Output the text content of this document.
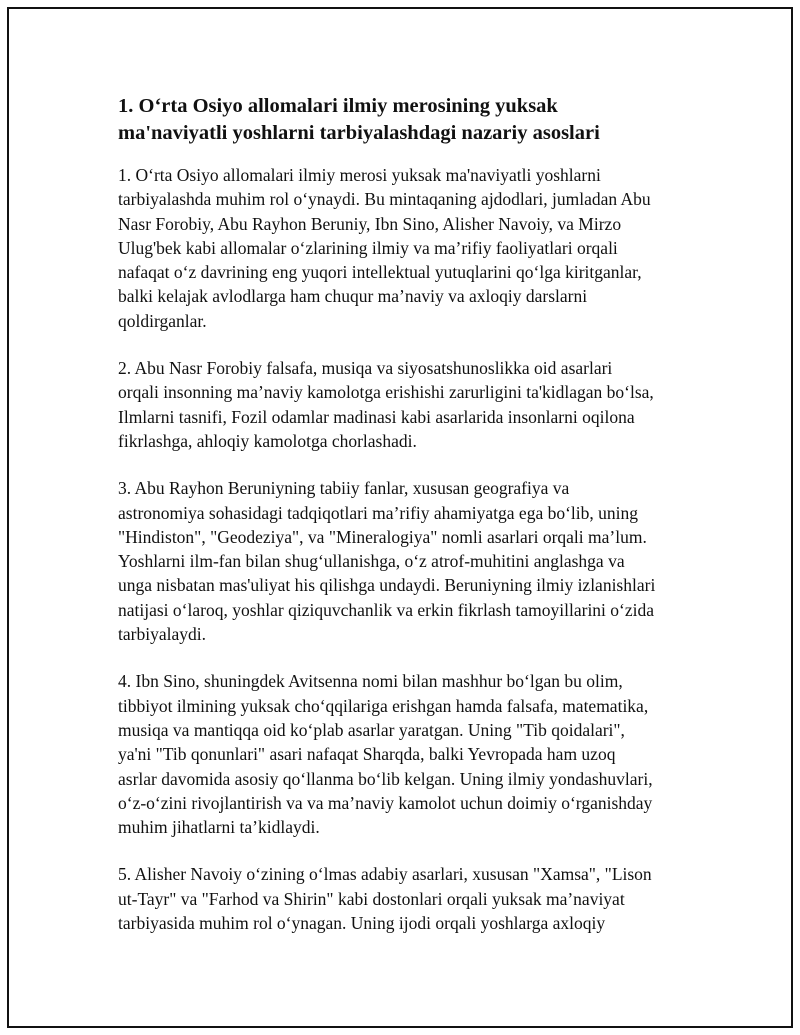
1. O‘rta Osiyo allomalari ilmiy merosining yuksak
ma'naviyatli yoshlarni tarbiyalashdagi nazariy asoslari

1. O‘rta Osiyo allomalari ilmiy merosi yuksak ma'naviyatli yoshlarni
tarbiyalashda muhim rol o‘ynaydi. Bu mintaqaning ajdodlari, jumladan Abu
Nasr Forobiy, Abu Rayhon Beruniy, Ibn Sino, Alisher Navoiy, va Mirzo
Ulug'bek kabi allomalar o‘zlarining ilmiy va ma’rifiy faoliyatlari orqali
nafaqat o‘z davrining eng yuqori intellektual yutuqlarini qo‘lga kiritganlar,
balki kelajak avlodlarga ham chuqur ma’naviy va axloqiy darslarni
qoldirganlar.

2. Abu Nasr Forobiy falsafa, musiqa va siyosatshunoslikka oid asarlari
orqali insonning ma’naviy kamolotga erishishi zarurligini ta'kidlagan bo‘lsa,
Ilmlarni tasnifi, Fozil odamlar madinasi kabi asarlarida insonlarni oqilona
fikrlashga, ahloqiy kamolotga chorlashadi.

3. Abu Rayhon Beruniyning tabiiy fanlar, xususan geografiya va
astronomiya sohasidagi tadqiqotlari ma’rifiy ahamiyatga ega bo‘lib, uning
"Hindiston", "Geodeziya", va "Mineralogiya" nomli asarlari orqali ma’lum.
Yoshlarni ilm-fan bilan shug‘ullanishga, o‘z atrof-muhitini anglashga va
unga nisbatan mas'uliyat his qilishga undaydi. Beruniyning ilmiy izlanishlari
natijasi o‘laroq, yoshlar qiziquvchanlik va erkin fikrlash tamoyillarini o‘zida
tarbiyalaydi.

4. Ibn Sino, shuningdek Avitsenna nomi bilan mashhur bo‘lgan bu olim,
tibbiyot ilmining yuksak cho‘qqilariga erishgan hamda falsafa, matematika,
musiqa va mantiqqa oid ko‘plab asarlar yaratgan. Uning "Tib qoidalari",
ya'ni "Tib qonunlari" asari nafaqat Sharqda, balki Yevropada ham uzoq
asrlar davomida asosiy qo‘llanma bo‘lib kelgan. Uning ilmiy yondashuvlari,
o‘z-o‘zini rivojlantirish va va ma’naviy kamolot uchun doimiy o‘rganishday
muhim jihatlarni ta’kidlaydi.

5. Alisher Navoiy o‘zining o‘lmas adabiy asarlari, xususan "Xamsa", "Lison
ut-Tayr" va "Farhod va Shirin" kabi dostonlari orqali yuksak ma’naviyat
tarbiyasida muhim rol o‘ynagan. Uning ijodi orqali yoshlarga axloqiy
